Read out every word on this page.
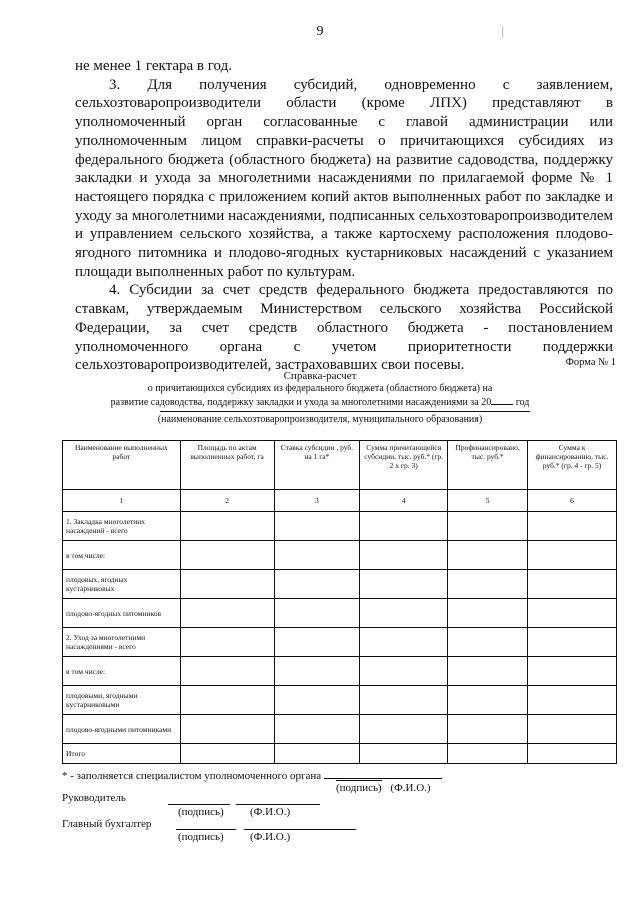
9

не менее 1 гектара в год.

3. Для получения субсидий, одновременно с заявлением, сельхозтоваропроизводители области (кроме ЛПХ) представляют в уполномоченный орган согласованные с главой администрации или уполномоченным лицом справки-расчеты о причитающихся субсидиях из федерального бюджета (областного бюджета) на развитие садоводства, поддержку закладки и ухода за многолетними насаждениями по прилагаемой форме № 1 настоящего порядка с приложением копий актов выполненных работ по закладке и уходу за многолетними насаждениями, подписанных сельхозтоваропроизводителем и управлением сельского хозяйства, а также картосхему расположения плодово-ягодного питомника и плодово-ягодных кустарниковых насаждений с указанием площади выполненных работ по культурам.

4. Субсидии за счет средств федерального бюджета предоставляются по ставкам, утверждаемым Министерством сельского хозяйства Российской Федерации, за счет средств областного бюджета - постановлением уполномоченного органа с учетом приоритетности поддержки сельхозтоваропроизводителей, застраховавших свои посевы.	Форма № 1
Справка-расчет
о причитающихся субсидиях из федерального бюджета (областного бюджета) на
развитие садоводства, поддержку закладки и ухода за многолетними насаждениями за 20 год
(наименование сельхозтоваропроизводителя, муниципального образования)
Наименование выполненных работ	Площадь по актам выполненных работ, га	Ставка субсидии , руб. на 1 га*	Сумма причитающейся субсидии, тыс. руб.* (гр. 2 х гр. 3)	Профинансировано, тыс. руб.*	Сумма к финансированию, тыс. руб.* (гр. 4 - гр. 5)
1	2	3	4	5	6
1. Закладка многолетних насаждений - всего					
в том числе:					
плодовых, ягодных кустарниковых					
плодово-ягодных питомников					
2. Уход за многолетними насаждениями - всего					
в том числе:					
плодовыми, ягодными кустарниковыми					
плодово-ягодными питомниками					
Итого					
* - заполняется специалистом уполномоченного органа
(подпись) (Ф.И.О.)
Руководитель
(подпись) (Ф.И.О.)
Главный бухгалтер
(подпись) (Ф.И.О.)
